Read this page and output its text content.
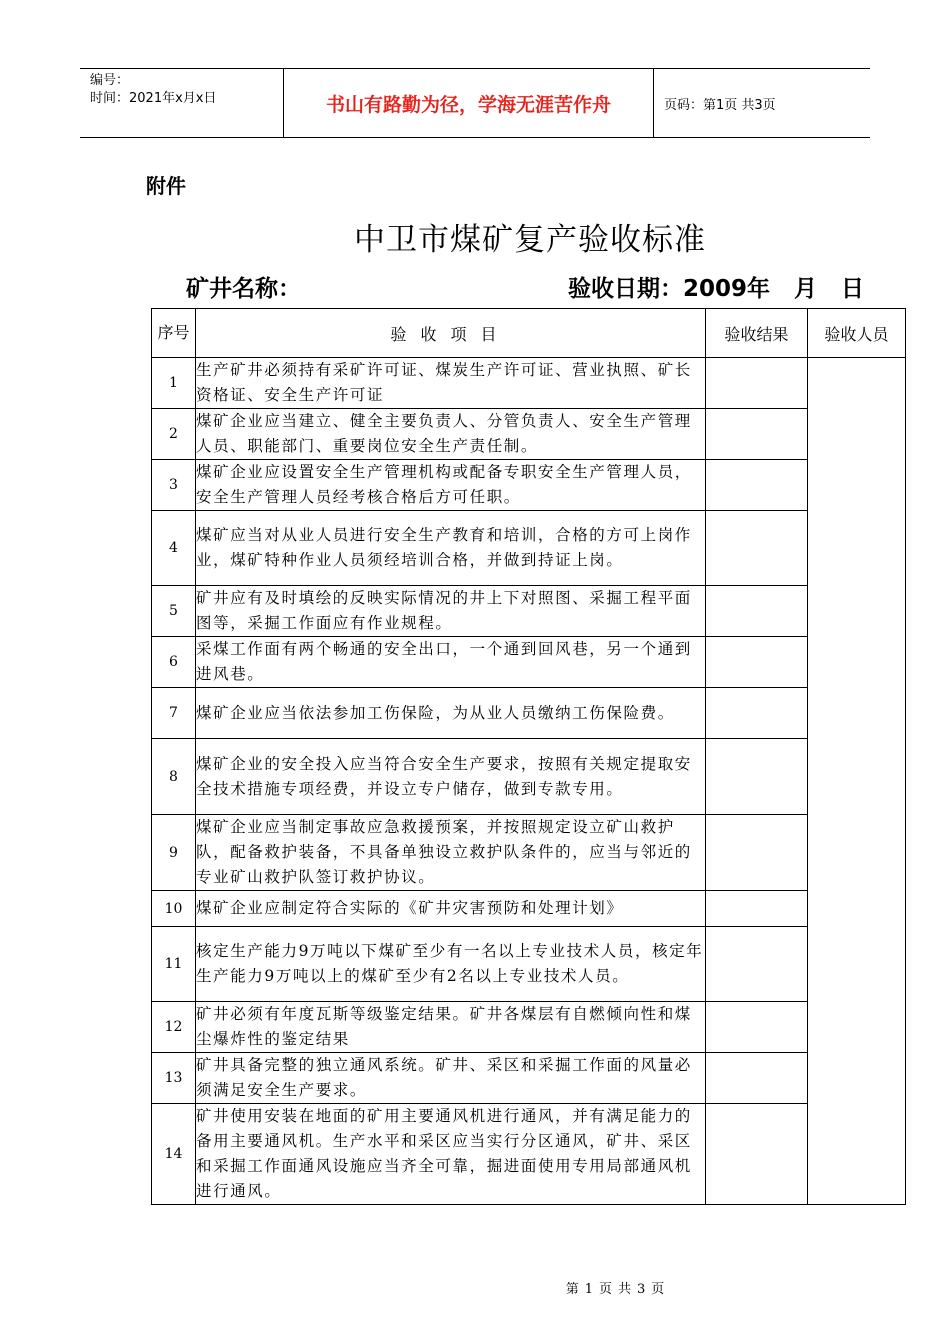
编号：
时间：2021年x月x日	书山有路勤为径，学海无涯苦作舟	页码：第1页 共3页
附件
中卫市煤矿复产验收标准
矿井名称：	验收日期：2009年   月   日
序号	验收项目	验收结果	验收人员
1	生产矿井必须持有采矿许可证、煤炭生产许可证、营业执照、矿长资格证、安全生产许可证		
2	煤矿企业应当建立、健全主要负责人、分管负责人、安全生产管理人员、职能部门、重要岗位安全生产责任制。		
3	煤矿企业应设置安全生产管理机构或配备专职安全生产管理人员，安全生产管理人员经考核合格后方可任职。		
4	煤矿应当对从业人员进行安全生产教育和培训，合格的方可上岗作业，煤矿特种作业人员须经培训合格，并做到持证上岗。		
5	矿井应有及时填绘的反映实际情况的井上下对照图、采掘工程平面图等，采掘工作面应有作业规程。		
6	采煤工作面有两个畅通的安全出口，一个通到回风巷，另一个通到进风巷。		
7	煤矿企业应当依法参加工伤保险，为从业人员缴纳工伤保险费。		
8	煤矿企业的安全投入应当符合安全生产要求，按照有关规定提取安全技术措施专项经费，并设立专户储存，做到专款专用。		
9	煤矿企业应当制定事故应急救援预案，并按照规定设立矿山救护队，配备救护装备，不具备单独设立救护队条件的，应当与邻近的专业矿山救护队签订救护协议。		
10	煤矿企业应制定符合实际的《矿井灾害预防和处理计划》		
11	核定生产能力9万吨以下煤矿至少有一名以上专业技术人员，核定年生产能力9万吨以上的煤矿至少有2名以上专业技术人员。		
12	矿井必须有年度瓦斯等级鉴定结果。矿井各煤层有自燃倾向性和煤尘爆炸性的鉴定结果		
13	矿井具备完整的独立通风系统。矿井、采区和采掘工作面的风量必须满足安全生产要求。		
14	矿井使用安装在地面的矿用主要通风机进行通风，并有满足能力的备用主要通风机。生产水平和采区应当实行分区通风，矿井、采区和采掘工作面通风设施应当齐全可靠，掘进面使用专用局部通风机进行通风。		
第 1 页 共 3 页
